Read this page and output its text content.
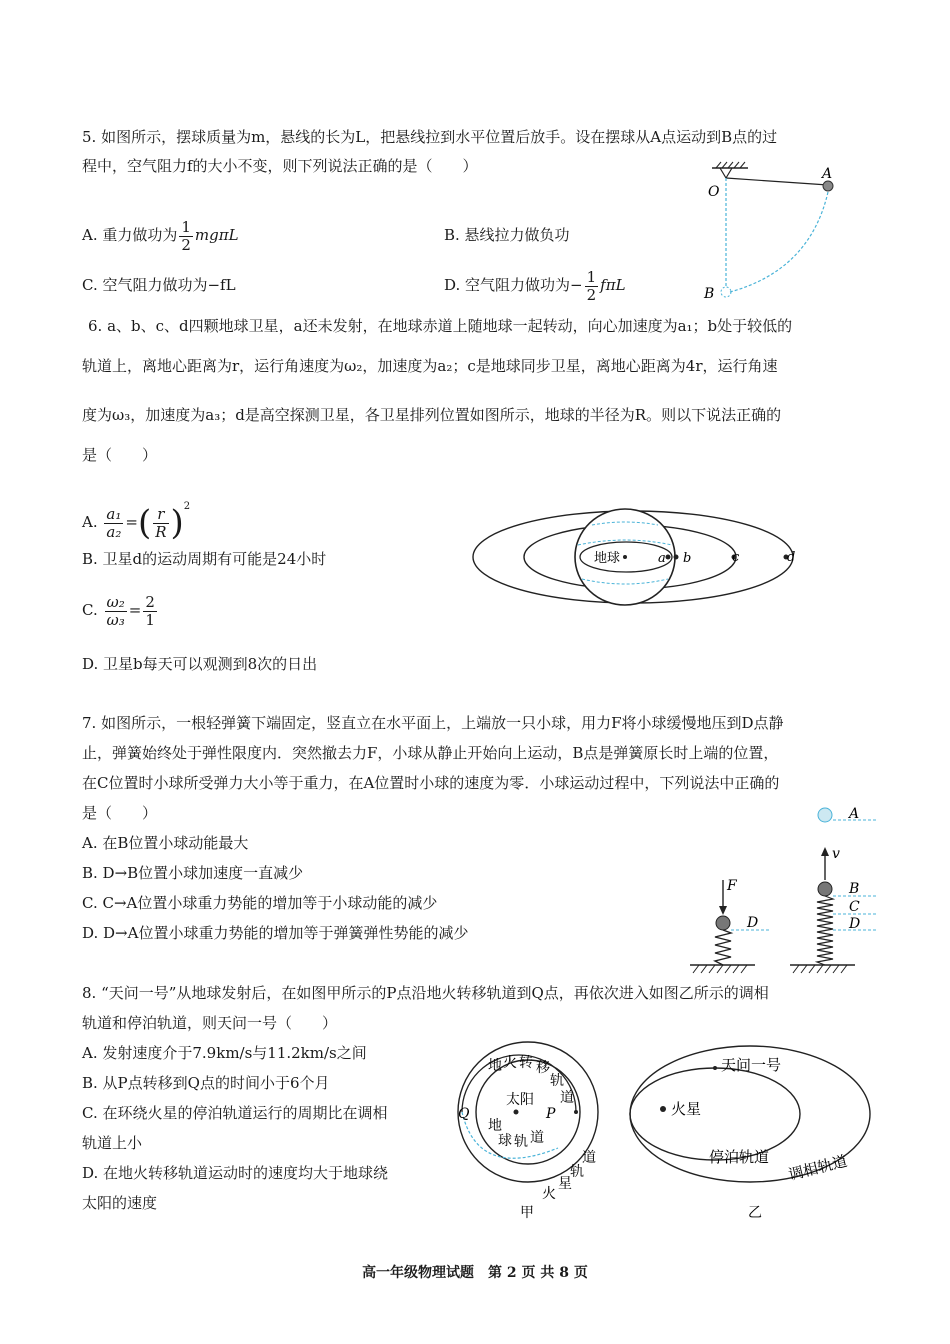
5. 如图所示，摆球质量为m，悬线的长为L，把悬线拉到水平位置后放手。设在摆球从A点运动到B点的过
程中，空气阻力f的大小不变，则下列说法正确的是（　　）
A. 重力做功为 $\frac{1}{2}$ mgπL	B. 悬线拉力做负功
C. 空气阻力做功为−fL	D. 空气阻力做功为− $\frac{1}{2}$ fπL
O
A
B
6. a、b、c、d四颗地球卫星，a还未发射，在地球赤道上随地球一起转动，向心加速度为a₁；b处于较低的
轨道上，离地心距离为r，运行角速度为ω₂，加速度为a₂；c是地球同步卫星，离地心距离为4r，运行角速
度为ω₃，加速度为a₃；d是高空探测卫星，各卫星排列位置如图所示，地球的半径为R。则以下说法正确的
是（　　）
A. $\frac{\text{a₁}}{\text{a₂}}$ =( $\frac{r}{R} )^2$
B. 卫星d的运动周期有可能是24小时
C. $\frac{\text{ω₂}}{\text{ω₃}} = \frac{2}{1}$
D. 卫星b每天可以观测到8次的日出
地球	a b	c	d
7. 如图所示，一根轻弹簧下端固定，竖直立在水平面上，上端放一只小球，用力F将小球缓慢地压到D点静
止，弹簧始终处于弹性限度内．突然撤去力F，小球从静止开始向上运动，B点是弹簧原长时上端的位置，
在C位置时小球所受弹力大小等于重力，在A位置时小球的速度为零．小球运动过程中，下列说法中正确的
是（　　）
A. 在B位置小球动能最大
B. D→B位置小球加速度一直减少
C. C→A位置小球重力势能的增加等于小球动能的减少
D. D→A位置小球重力势能的增加等于弹簧弹性势能的减少
F
D
A
v
B
C
D
8. “天问一号”从地球发射后，在如图甲所示的P点沿地火转移轨道到Q点，再依次进入如图乙所示的调相
轨道和停泊轨道，则天问一号（　　）
A. 发射速度介于7.9km/s与11.2km/s之间
B. 从P点转移到Q点的时间小于6个月
C. 在环绕火星的停泊轨道运行的周期比在调相
轨道上小
D. 在地火转移轨道运动时的速度均大于地球绕
太阳的速度
地 火 转 移
轨
道
太阳
Q	P
地
球 轨 道
火
星
轨
道
甲
天问一号
火星
停泊轨道 调相轨道
乙
高一年级物理试题　第 2 页 共 8 页
